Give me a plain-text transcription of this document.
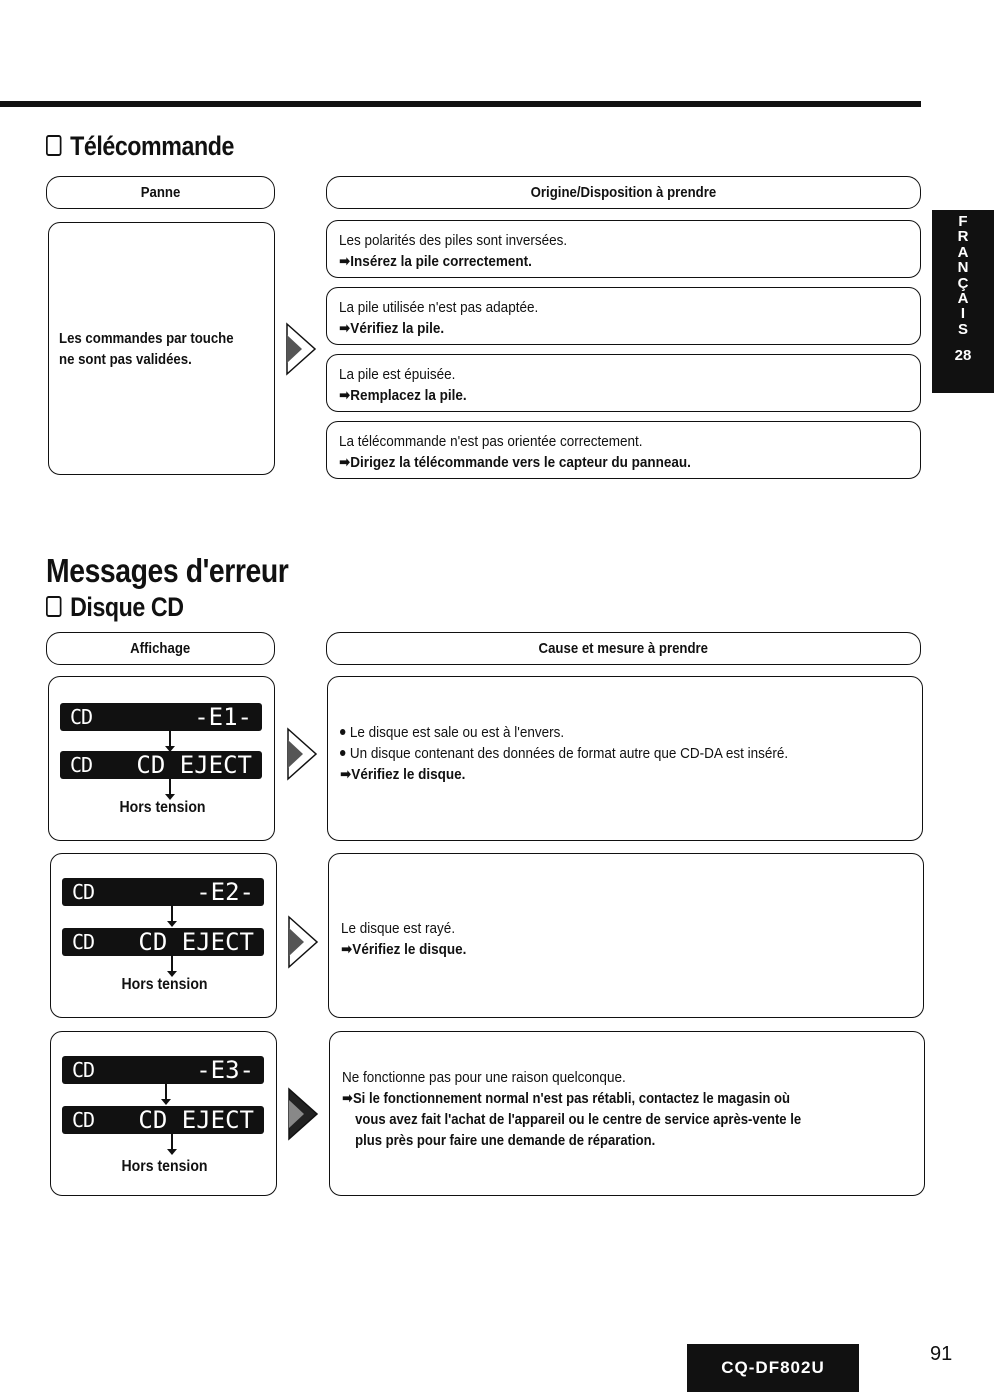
Télécommande
Panne	Origine/Disposition à prendre
Les commandes par touche
ne sont pas validées.
Les polarités des piles sont inversées.
➡Insérez la pile correctement.
La pile utilisée n'est pas adaptée.
➡Vérifiez la pile.
La pile est épuisée.
➡Remplacez la pile.
La télécommande n'est pas orientée correctement.
➡Dirigez la télécommande vers le capteur du panneau.
Messages d'erreur
Disque CD
Affichage	Cause et mesure à prendre
CD	-E1-
CD CD EJECT
Hors tension
Le disque est sale ou est à l'envers.
Un disque contenant des données de format autre que CD-DA est inséré.
➡Vérifiez le disque.
CD	-E2-
CD CD EJECT
Hors tension
Le disque est rayé.
➡Vérifiez le disque.
CD	-E3-
CD CD EJECT
Hors tension
Ne fonctionne pas pour une raison quelconque.
➡Si le fonctionnement normal n'est pas rétabli, contactez le magasin où
vous avez fait l'achat de l'appareil ou le centre de service après-vente le
plus près pour faire une demande de réparation.
F
R
A
N
Ç
A
I
S
28
CQ-DF802U
91
